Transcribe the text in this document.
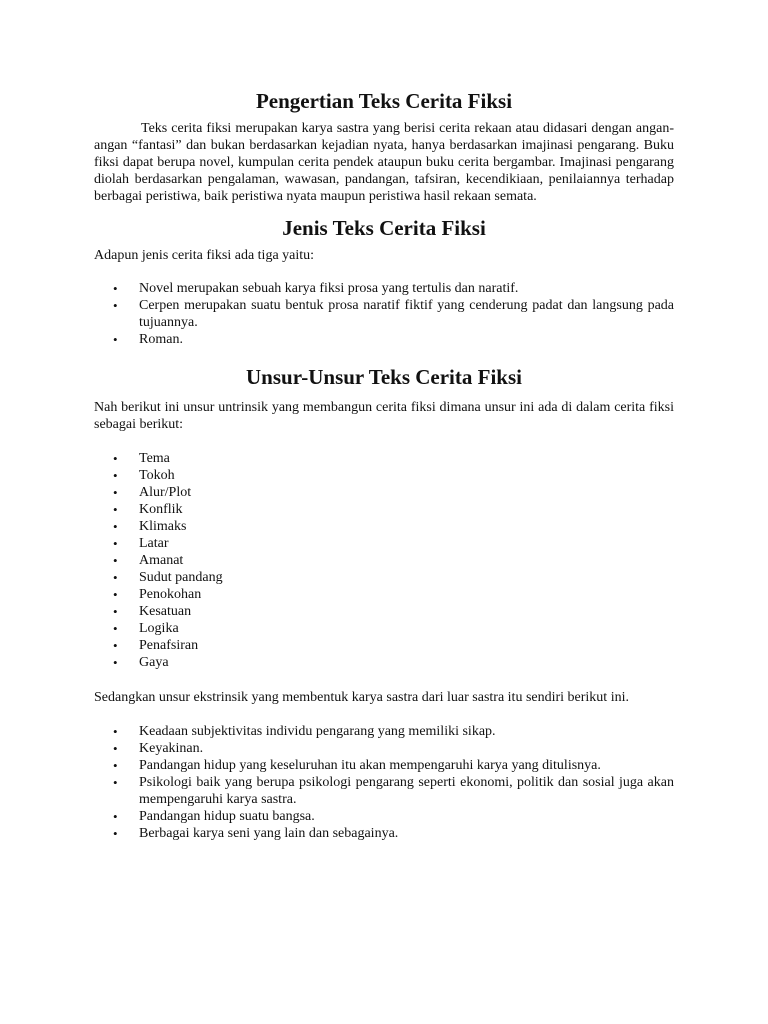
Pengertian Teks Cerita Fiksi

Teks cerita fiksi merupakan karya sastra yang berisi cerita rekaan atau didasari dengan angan-angan “fantasi” dan bukan berdasarkan kejadian nyata, hanya berdasarkan imajinasi pengarang. Buku fiksi dapat berupa novel, kumpulan cerita pendek ataupun buku cerita bergambar. Imajinasi pengarang diolah berdasarkan pengalaman, wawasan, pandangan, tafsiran, kecendikiaan, penilaiannya terhadap berbagai peristiwa, baik peristiwa nyata maupun peristiwa hasil rekaan semata.

Jenis Teks Cerita Fiksi

Adapun jenis cerita fiksi ada tiga yaitu:

• Novel merupakan sebuah karya fiksi prosa yang tertulis dan naratif.
• Cerpen merupakan suatu bentuk prosa naratif fiktif yang cenderung padat dan langsung pada tujuannya.
• Roman.
Unsur-Unsur Teks Cerita Fiksi

Nah berikut ini unsur untrinsik yang membangun cerita fiksi dimana unsur ini ada di dalam cerita fiksi sebagai berikut:

• Tema
• Tokoh
• Alur/Plot
• Konflik
• Klimaks
• Latar
• Amanat
• Sudut pandang
• Penokohan
• Kesatuan
• Logika
• Penafsiran
• Gaya

Sedangkan unsur ekstrinsik yang membentuk karya sastra dari luar sastra itu sendiri berikut ini.

• Keadaan subjektivitas individu pengarang yang memiliki sikap.
• Keyakinan.
• Pandangan hidup yang keseluruhan itu akan mempengaruhi karya yang ditulisnya.
• Psikologi baik yang berupa psikologi pengarang seperti ekonomi, politik dan sosial juga akan mempengaruhi karya sastra.
• Pandangan hidup suatu bangsa.
• Berbagai karya seni yang lain dan sebagainya.
